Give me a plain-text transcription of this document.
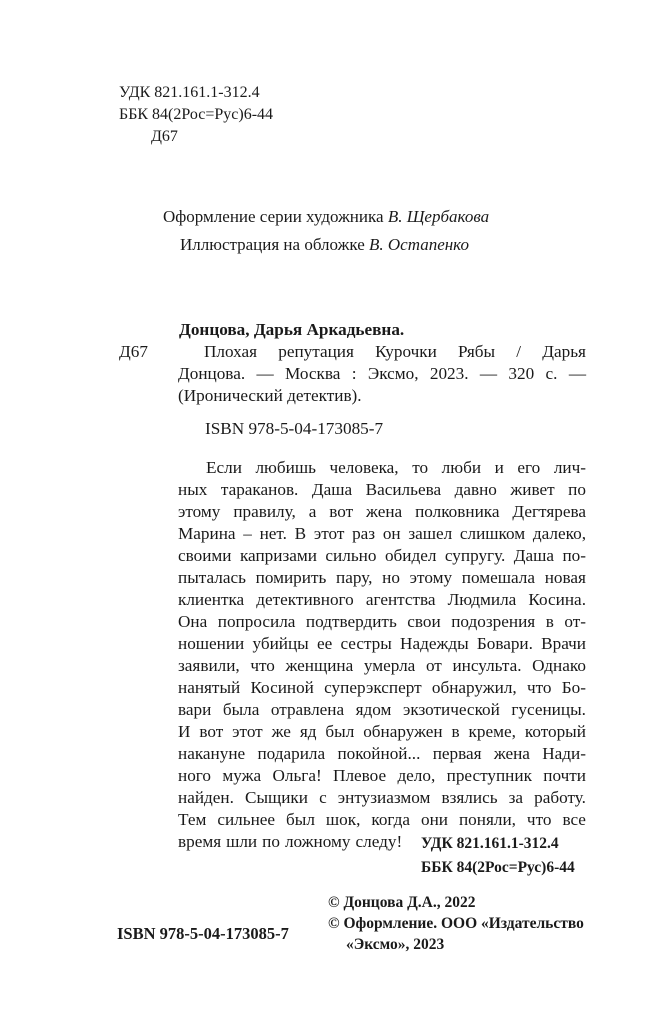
УДК 821.161.1-312.4
ББК 84(2Рос=Рус)6-44
Д67
Оформление серии художника В. Щербакова
Иллюстрация на обложке В. Остапенко
Донцова, Дарья Аркадьевна.
Д67	Плохая репутация Курочки Рябы / Дарья
Донцова. — Москва : Эксмо, 2023. — 320 с. —
(Иронический детектив).
ISBN 978-5-04-173085-7
Если любишь человека, то люби и его лич-
ных тараканов. Даша Васильева давно живет по
этому правилу, а вот жена полковника Дегтярева
Марина – нет. В этот раз он зашел слишком далеко,
своими капризами сильно обидел супругу. Даша по-
пыталась помирить пару, но этому помешала новая
клиентка детективного агентства Людмила Косина.
Она попросила подтвердить свои подозрения в от-
ношении убийцы ее сестры Надежды Бовари. Врачи
заявили, что женщина умерла от инсульта. Однако
нанятый Косиной суперэксперт обнаружил, что Бо-
вари была отравлена ядом экзотической гусеницы.
И вот этот же яд был обнаружен в креме, который
накануне подарила покойной... первая жена Нади-
ного мужа Ольга! Плевое дело, преступник почти
найден. Сыщики с энтузиазмом взялись за работу.
Тем сильнее был шок, когда они поняли, что все
время шли по ложному следу! УДК 821.161.1-312.4
ББК 84(2Рос=Рус)6-44
© Донцова Д.А., 2022
© Оформление. ООО «Издательство
ISBN 978-5-04-173085-7
«Эксмо», 2023
